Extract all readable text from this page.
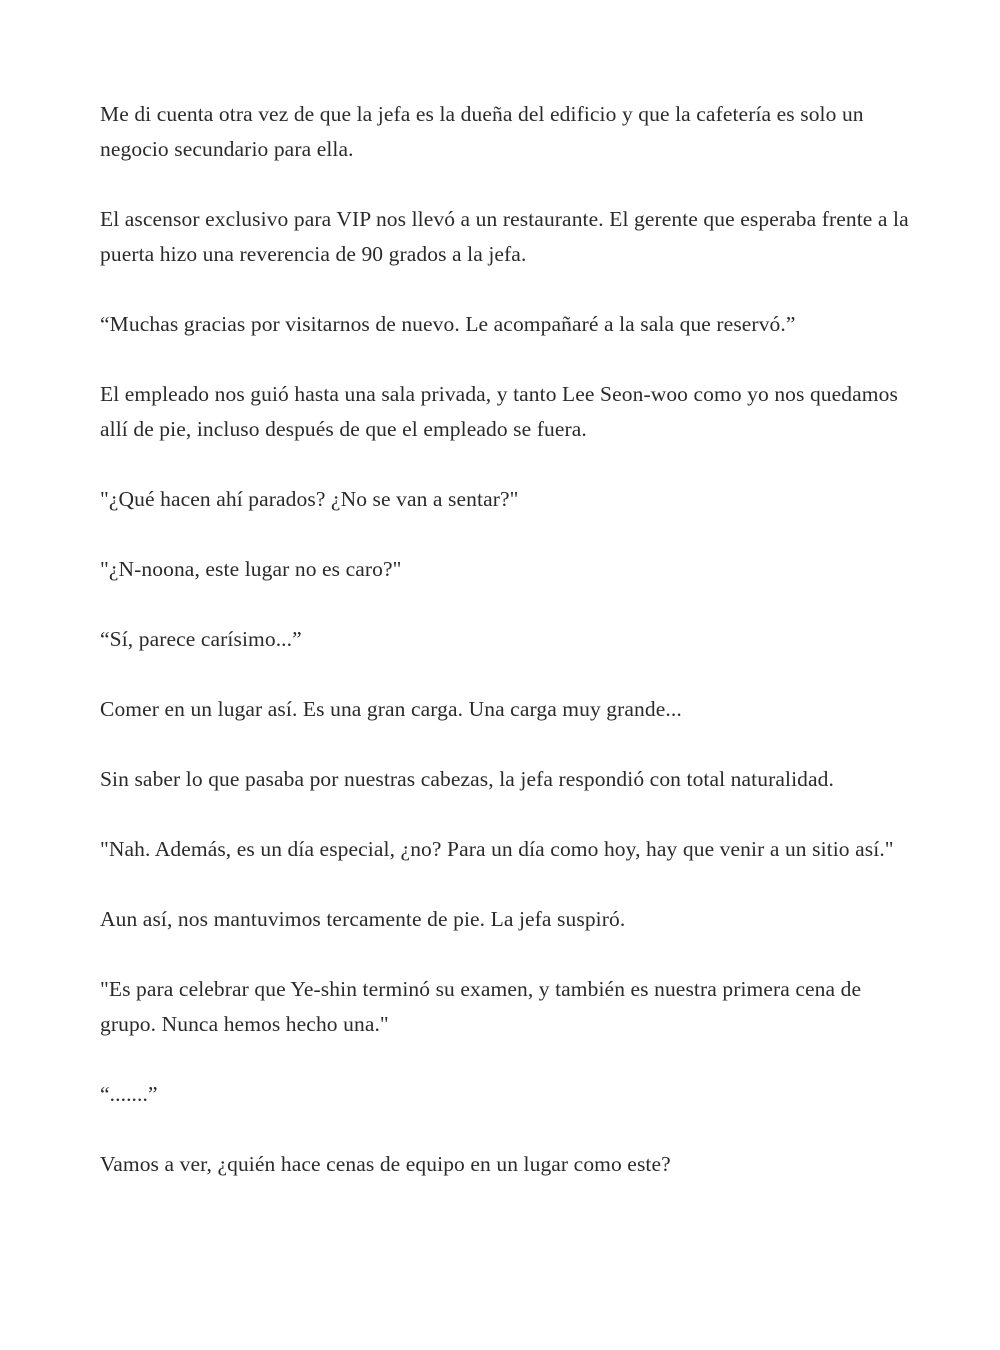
Me di cuenta otra vez de que la jefa es la dueña del edificio y que la cafetería es solo un negocio secundario para ella.

El ascensor exclusivo para VIP nos llevó a un restaurante. El gerente que esperaba frente a la puerta hizo una reverencia de 90 grados a la jefa.

“Muchas gracias por visitarnos de nuevo. Le acompañaré a la sala que reservó.”

El empleado nos guió hasta una sala privada, y tanto Lee Seon-woo como yo nos quedamos allí de pie, incluso después de que el empleado se fuera.

"¿Qué hacen ahí parados? ¿No se van a sentar?"

"¿N-noona, este lugar no es caro?"

“Sí, parece carísimo...”

Comer en un lugar así. Es una gran carga. Una carga muy grande...

Sin saber lo que pasaba por nuestras cabezas, la jefa respondió con total naturalidad.

"Nah. Además, es un día especial, ¿no? Para un día como hoy, hay que venir a un sitio así."

Aun así, nos mantuvimos tercamente de pie. La jefa suspiró.

"Es para celebrar que Ye-shin terminó su examen, y también es nuestra primera cena de grupo. Nunca hemos hecho una."

“.......”

Vamos a ver, ¿quién hace cenas de equipo en un lugar como este?
